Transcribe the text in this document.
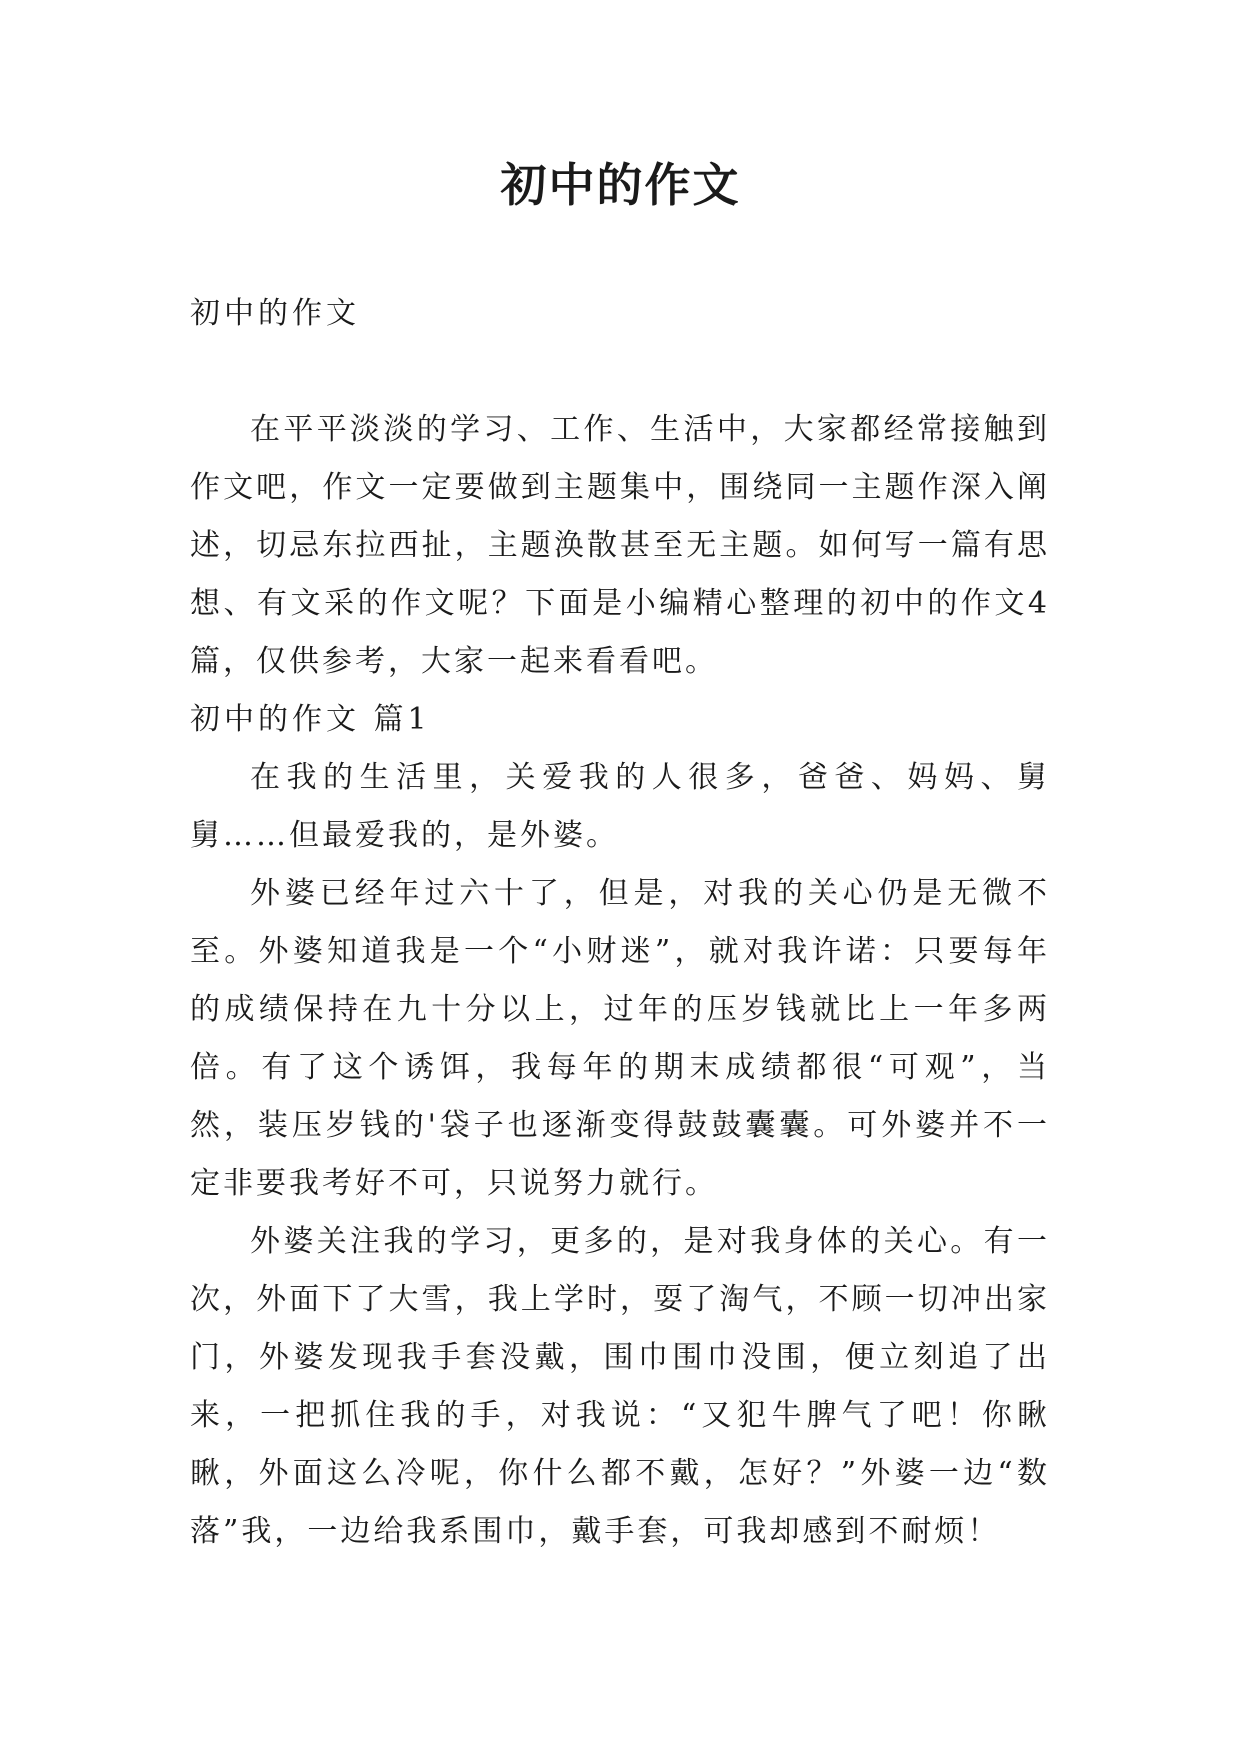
初中的作文

初中的作文

在平平淡淡的学习、工作、生活中，大家都经常接触到作文吧，作文一定要做到主题集中，围绕同一主题作深入阐述，切忌东拉西扯，主题涣散甚至无主题。如何写一篇有思想、有文采的作文呢？下面是小编精心整理的初中的作文4篇，仅供参考，大家一起来看看吧。

初中的作文 篇1

在我的生活里，关爱我的人很多，爸爸、妈妈、舅舅……但最爱我的，是外婆。

外婆已经年过六十了，但是，对我的关心仍是无微不至。外婆知道我是一个“小财迷”，就对我许诺：只要每年的成绩保持在九十分以上，过年的压岁钱就比上一年多两倍。有了这个诱饵，我每年的期末成绩都很“可观”，当然，装压岁钱的'袋子也逐渐变得鼓鼓囊囊。可外婆并不一定非要我考好不可，只说努力就行。

外婆关注我的学习，更多的，是对我身体的关心。有一次，外面下了大雪，我上学时，耍了淘气，不顾一切冲出家门，外婆发现我手套没戴，围巾围巾没围，便立刻追了出来，一把抓住我的手，对我说：“又犯牛脾气了吧！你瞅瞅，外面这么冷呢，你什么都不戴，怎好？”外婆一边“数落”我，一边给我系围巾，戴手套，可我却感到不耐烦！
